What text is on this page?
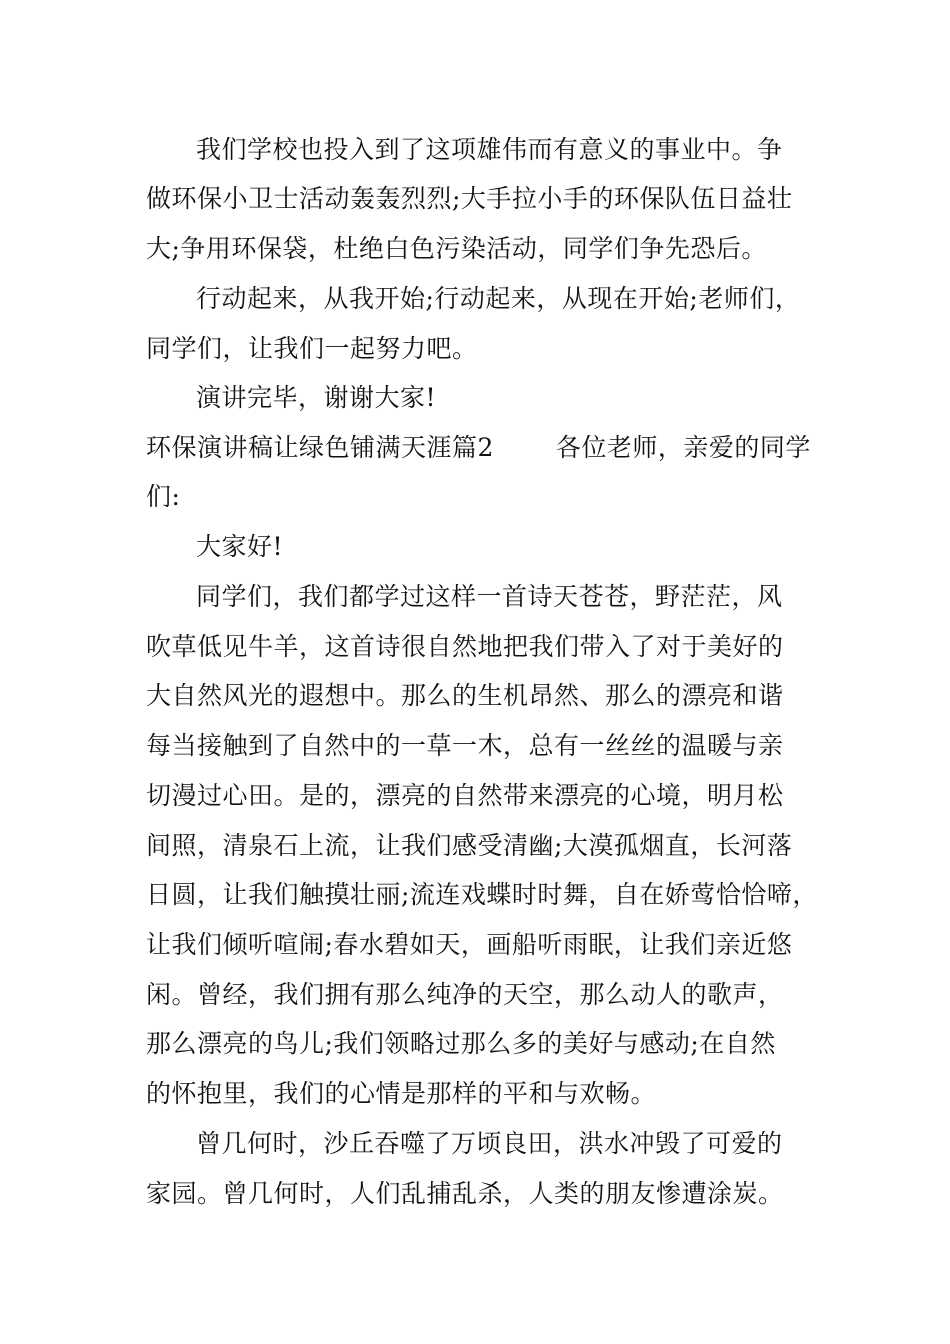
我们学校也投入到了这项雄伟而有意义的事业中。争
做环保小卫士活动轰轰烈烈;大手拉小手的环保队伍日益壮
大;争用环保袋，杜绝白色污染活动，同学们争先恐后。
行动起来，从我开始;行动起来，从现在开始;老师们，
同学们，让我们一起努力吧。
演讲完毕，谢谢大家!
环保演讲稿让绿色铺满天涯篇2 各位老师，亲爱的同学
们:
大家好!
同学们，我们都学过这样一首诗天苍苍，野茫茫，风
吹草低见牛羊，这首诗很自然地把我们带入了对于美好的
大自然风光的遐想中。那么的生机昂然、那么的漂亮和谐
每当接触到了自然中的一草一木，总有一丝丝的温暖与亲
切漫过心田。是的，漂亮的自然带来漂亮的心境，明月松
间照，清泉石上流，让我们感受清幽;大漠孤烟直，长河落
日圆，让我们触摸壮丽;流连戏蝶时时舞，自在娇莺恰恰啼，
让我们倾听喧闹;春水碧如天，画船听雨眠，让我们亲近悠
闲。曾经，我们拥有那么纯净的天空，那么动人的歌声，
那么漂亮的鸟儿;我们领略过那么多的美好与感动;在自然
的怀抱里，我们的心情是那样的平和与欢畅。
曾几何时，沙丘吞噬了万顷良田，洪水冲毁了可爱的
家园。曾几何时，人们乱捕乱杀，人类的朋友惨遭涂炭。
